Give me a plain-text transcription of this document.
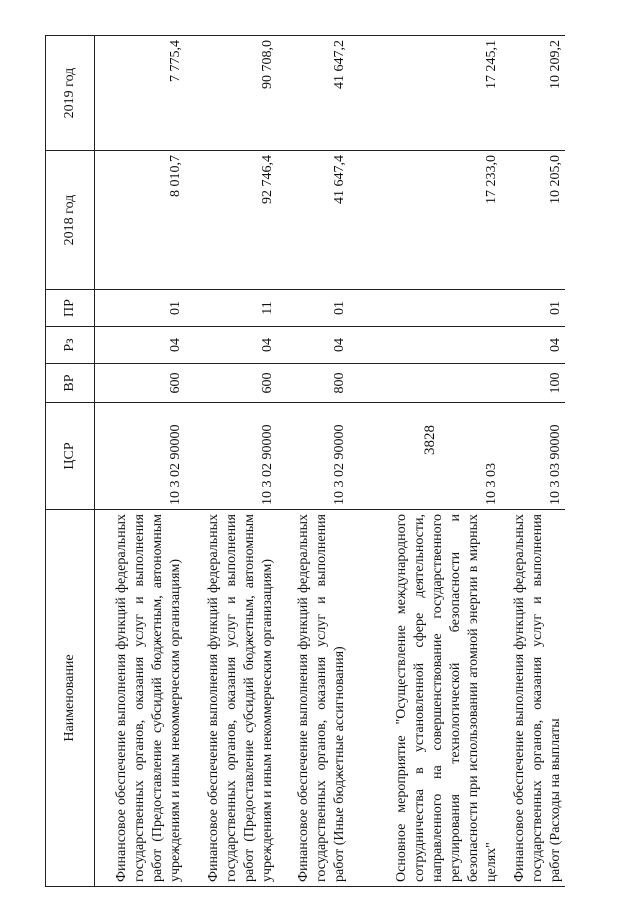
3828
Наименование	ЦСР	ВР	Рз	ПР	2018 год	2019 год
Финансовое обеспечение выполнения функций федеральных государственных органов, оказания услуг и выполнения работ (Предоставление субсидий бюджетным, автономным учреждениям и иным некоммерческим организациям)	10 3 02 90000	600	04	01	8 010,7	7 775,4
Финансовое обеспечение выполнения функций федеральных государственных органов, оказания услуг и выполнения работ (Предоставление субсидий бюджетным, автономным учреждениям и иным некоммерческим организациям)	10 3 02 90000	600	04	11	92 746,4	90 708,0
Финансовое обеспечение выполнения функций федеральных государственных органов, оказания услуг и выполнения работ (Иные бюджетные ассигнования)	10 3 02 90000	800	04	01	41 647,4	41 647,2
Основное мероприятие "Осуществление международного сотрудничества в установленной сфере деятельности, направленного на совершенствование государственного регулирования технологической безопасности и безопасности при использовании атомной энергии в мирных целях"	10 3 03				17 233,0	17 245,1
Финансовое обеспечение выполнения функций федеральных государственных органов, оказания услуг и выполнения работ (Расходы на выплаты	10 3 03 90000	100	04	01	10 205,0	10 209,2
